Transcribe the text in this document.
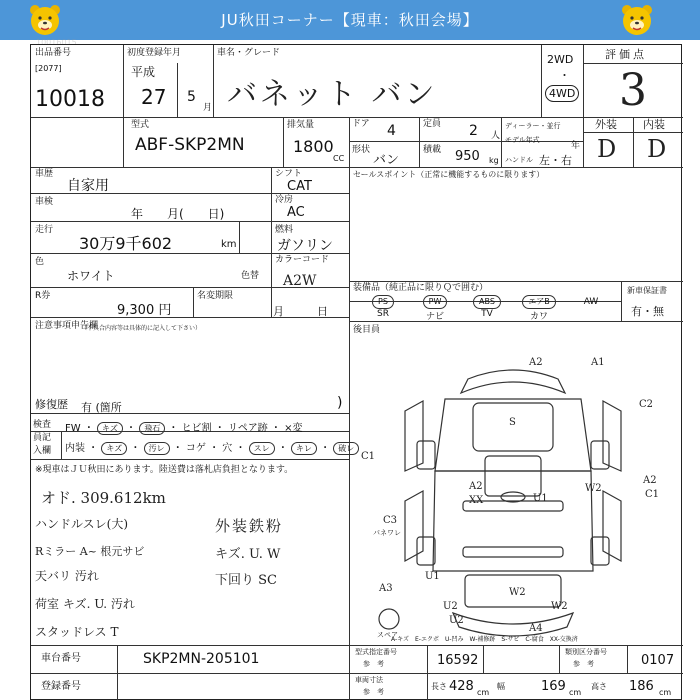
JU秋田コーナー【現車：秋田会場】
10016015
出品番号
[2077]
10018
初度登録年月
平成
27 5
月
車名・グレード
バネット バン
2WD
・
4WD
評価点
3
型式
ABF-SKP2MN
排気量
1800
CC
ドア 4	定員 2 人
ディーラー・並行
形状
バン
積載 950 kg
モデル年式
年
ハンドル 左・右
外装 内装
D D
車歴
自家用
シフト
CAT
車検
年　　月(　　日)
冷房
AC
走行
30万9千602	km
燃料
ガソリン
色
ホワイト
カラーコード
色替 A2W
R券
9,300 円
名変期限
月　　　日
注意事項申告欄
（不具合内容等は具体的に記入して下さい）
修復歴 有 (箇所	)
検査員記入欄
FW ・ キズ ・ 飛石 ・ ヒビ割 ・ リペア跡 ・ ×変
内装 ・ キズ ・ 汚レ ・ コゲ ・ 穴 ・ スレ ・ キレ ・ 破レ
※現車はＪＵ秋田にあります。陸送費は落札店負担となります。
オド. 309.612km
ハンドルスレ(大)
Rミラー A~ 根元サビ
天バリ 汚れ
荷室 キズ. U. 汚れ
スタッドレス T
外装鉄粉
キズ. U. W
下回り SC
セールスポイント（正常に機能するものに限ります）
装備品（純正品に限りＱで囲む）
PS	PW	ABS	エアB	AW
SR	ナビ	TV	カワ
新車保証書
有・無
後目員
A2	A1
S
C2
C1
A2
XX	U1
W2
A2
C1
C3
パネワレ
U1
W2
A3
U2	W2
U2
A4
スペア
A-キズ　E-エクボ　U-凹み　W-補修跡　S-サビ　C-腐食　XX-交換済
車台番号	SKP2MN-205101
登録番号
型式指定番号
参　考	16592
類別区分番号
参　考	0107
車両寸法
参　考
長さ 428 cm
幅	169 cm
高さ 186 cm
